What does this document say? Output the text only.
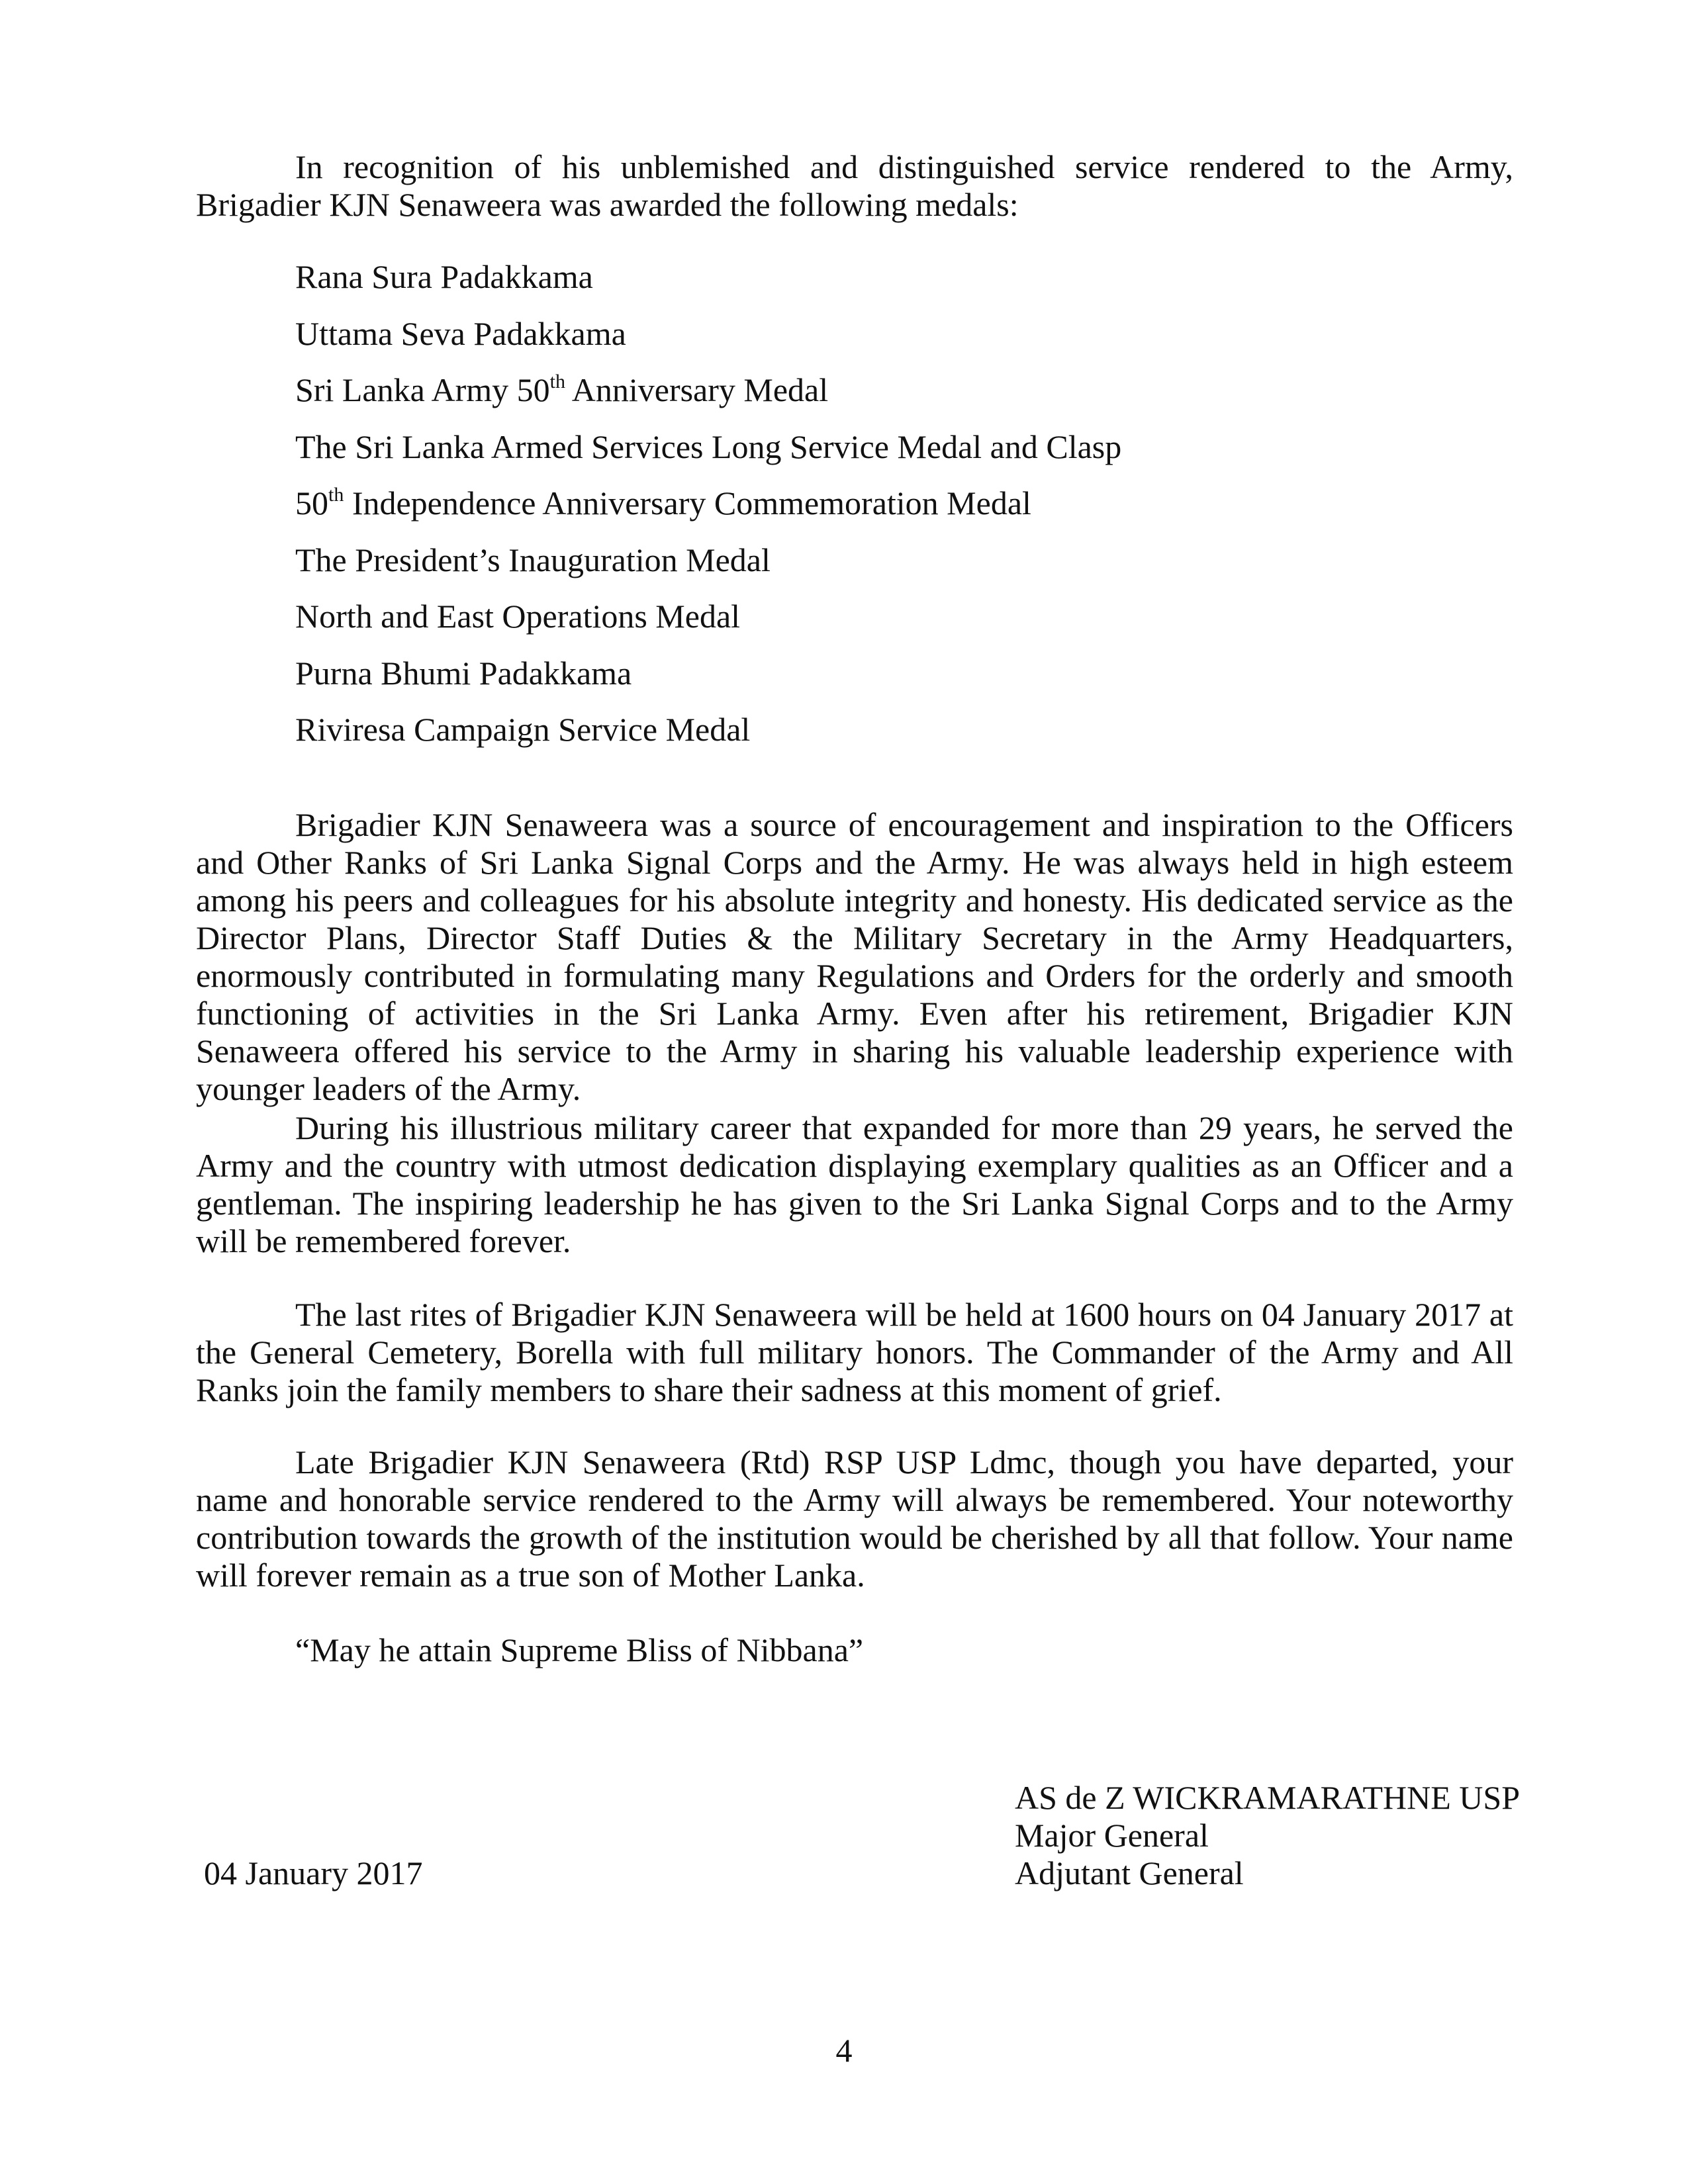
In recognition of his unblemished and distinguished service rendered to the Army, Brigadier KJN Senaweera was awarded the following medals:

Rana Sura Padakkama
Uttama Seva Padakkama
Sri Lanka Army 50th Anniversary Medal
The Sri Lanka Armed Services Long Service Medal and Clasp
50th Independence Anniversary Commemoration Medal
The President’s Inauguration Medal
North and East Operations Medal
Purna Bhumi Padakkama
Riviresa Campaign Service Medal

Brigadier KJN Senaweera was a source of encouragement and inspiration to the Officers and Other Ranks of Sri Lanka Signal Corps and the Army. He was always held in high esteem among his peers and colleagues for his absolute integrity and honesty. His dedicated service as the Director Plans, Director Staff Duties & the Military Secretary in the Army Headquarters, enormously contributed in formulating many Regulations and Orders for the orderly and smooth functioning of activities in the Sri Lanka Army. Even after his retirement, Brigadier KJN Senaweera offered his service to the Army in sharing his valuable leadership experience with younger leaders of the Army.

During his illustrious military career that expanded for more than 29 years, he served the Army and the country with utmost dedication displaying exemplary qualities as an Officer and a gentleman. The inspiring leadership he has given to the Sri Lanka Signal Corps and to the Army will be remembered forever.

The last rites of Brigadier KJN Senaweera will be held at 1600 hours on 04 January 2017 at the General Cemetery, Borella with full military honors. The Commander of the Army and All Ranks join the family members to share their sadness at this moment of grief.

Late Brigadier KJN Senaweera (Rtd) RSP USP Ldmc, though you have departed, your name and honorable service rendered to the Army will always be remembered. Your noteworthy contribution towards the growth of the institution would be cherished by all that follow. Your name will forever remain as a true son of Mother Lanka.

“May he attain Supreme Bliss of Nibbana”
AS de Z WICKRAMARATHNE USP
Major General
Adjutant General
04 January 2017
4
